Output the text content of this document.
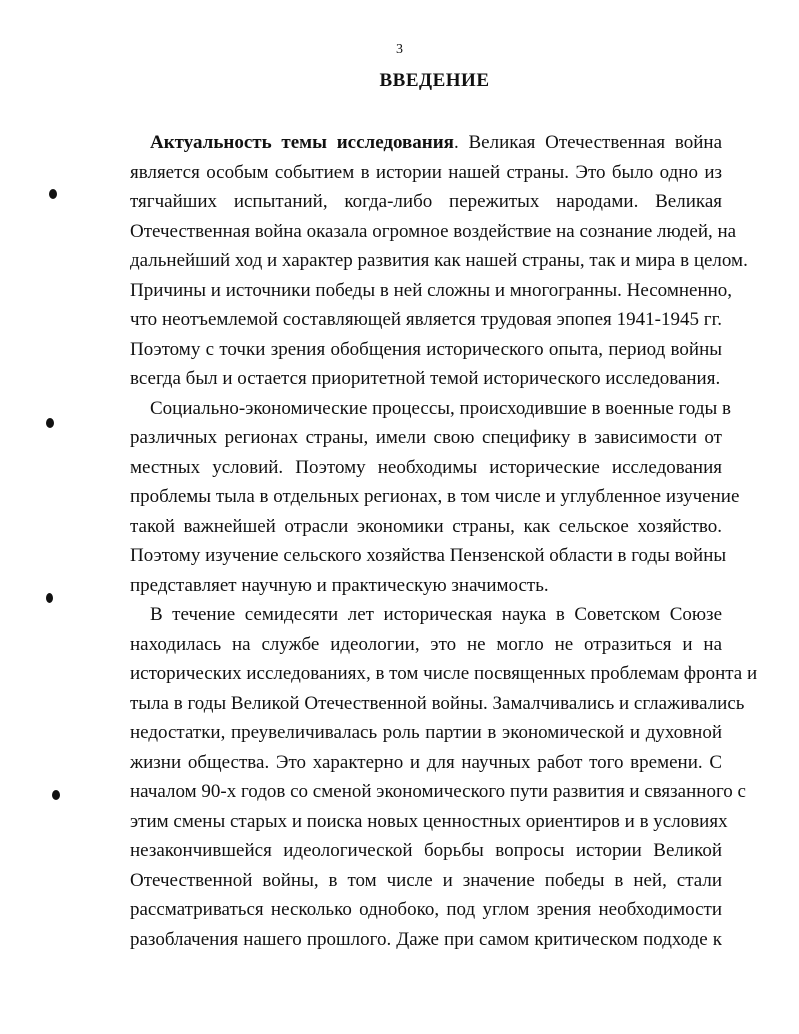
3
ВВЕДЕНИЕ
Актуальность темы исследования. Великая Отечественная война
является особым событием в истории нашей страны. Это было одно из
тягчайших испытаний, когда-либо пережитых народами. Великая
Отечественная война оказала огромное воздействие на сознание людей, на
дальнейший ход и характер развития как нашей страны, так и мира в целом.
Причины и источники победы в ней сложны и многогранны. Несомненно,
что неотъемлемой составляющей является трудовая эпопея 1941-1945 гг.
Поэтому с точки зрения обобщения исторического опыта, период войны
всегда был и остается приоритетной темой исторического исследования.
Социально-экономические процессы, происходившие в военные годы в
различных регионах страны, имели свою специфику в зависимости от
местных условий. Поэтому необходимы исторические исследования
проблемы тыла в отдельных регионах, в том числе и углубленное изучение
такой важнейшей отрасли экономики страны, как сельское хозяйство.
Поэтому изучение сельского хозяйства Пензенской области в годы войны
представляет научную и практическую значимость.
В течение семидесяти лет историческая наука в Советском Союзе
находилась на службе идеологии, это не могло не отразиться и на
исторических исследованиях, в том числе посвященных проблемам фронта и
тыла в годы Великой Отечественной войны. Замалчивались и сглаживались
недостатки, преувеличивалась роль партии в экономической и духовной
жизни общества. Это характерно и для научных работ того времени. С
началом 90-х годов со сменой экономического пути развития и связанного с
этим смены старых и поиска новых ценностных ориентиров и в условиях
незакончившейся идеологической борьбы вопросы истории Великой
Отечественной войны, в том числе и значение победы в ней, стали
рассматриваться несколько однобоко, под углом зрения необходимости
разоблачения нашего прошлого. Даже при самом критическом подходе к
